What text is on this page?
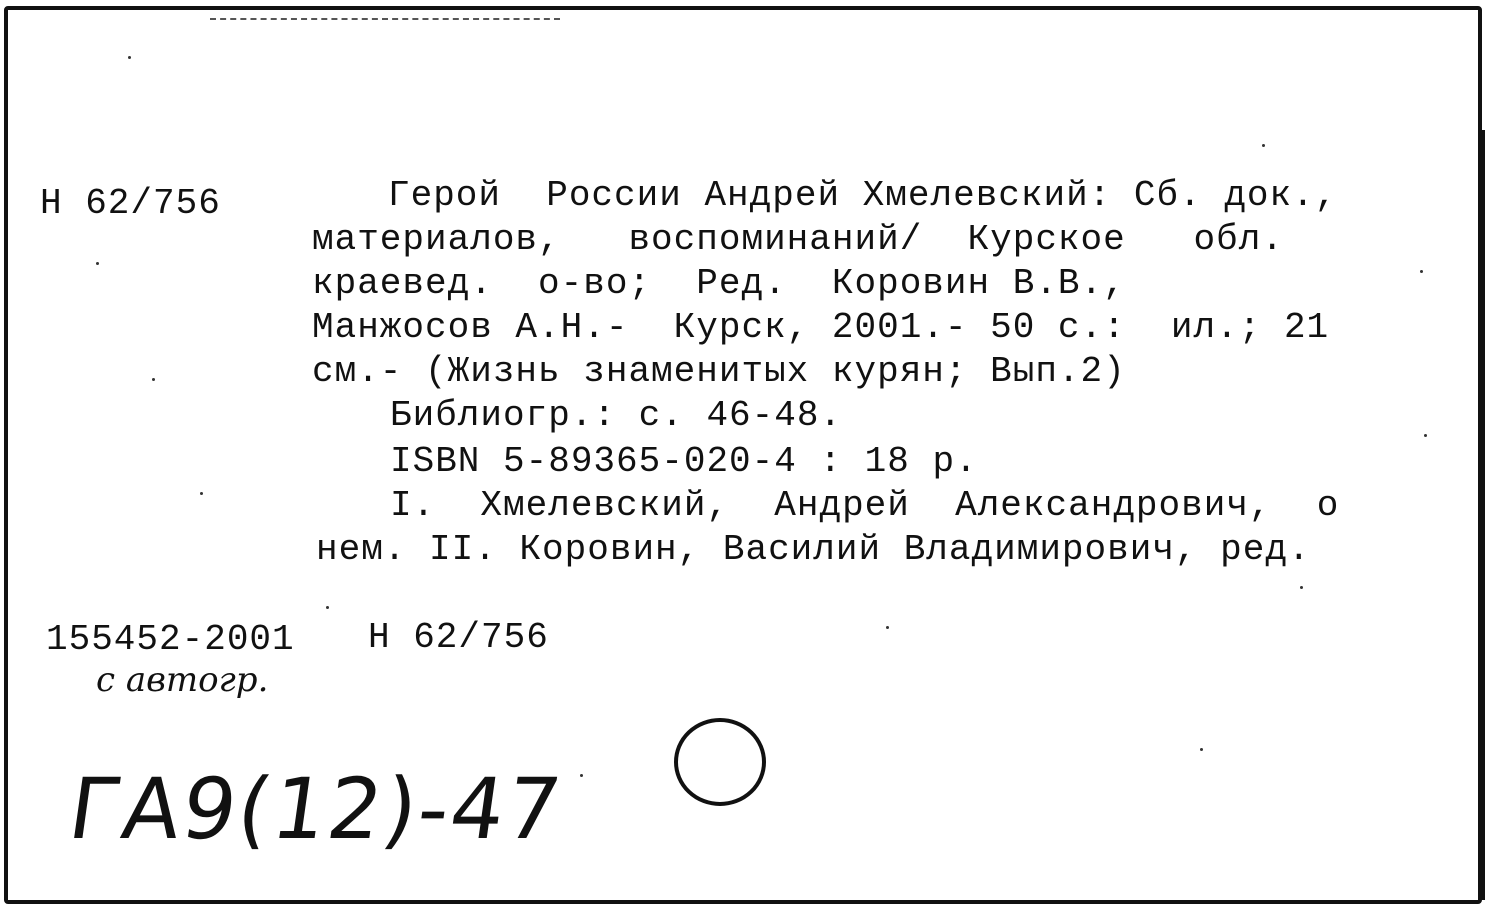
Н 62/756	Герой  России Андрей Хмелевский: Сб. док.,
материалов,   воспоминаний/  Курское   обл.
краевед.  о-во;  Ред.  Коровин В.В.,
Манжосов А.Н.-  Курск, 2001.- 50 с.:  ил.; 21
см.- (Жизнь знаменитых курян; Вып.2)
Библиогр.: с. 46-48.
ISBN 5-89365-020-4 : 18 р.
I.  Хмелевский,  Андрей  Александрович,  о
нем. II. Коровин, Василий Владимирович, ред.
155452-2001 Н 62/756
с автогр.
ГА9(12)-47
